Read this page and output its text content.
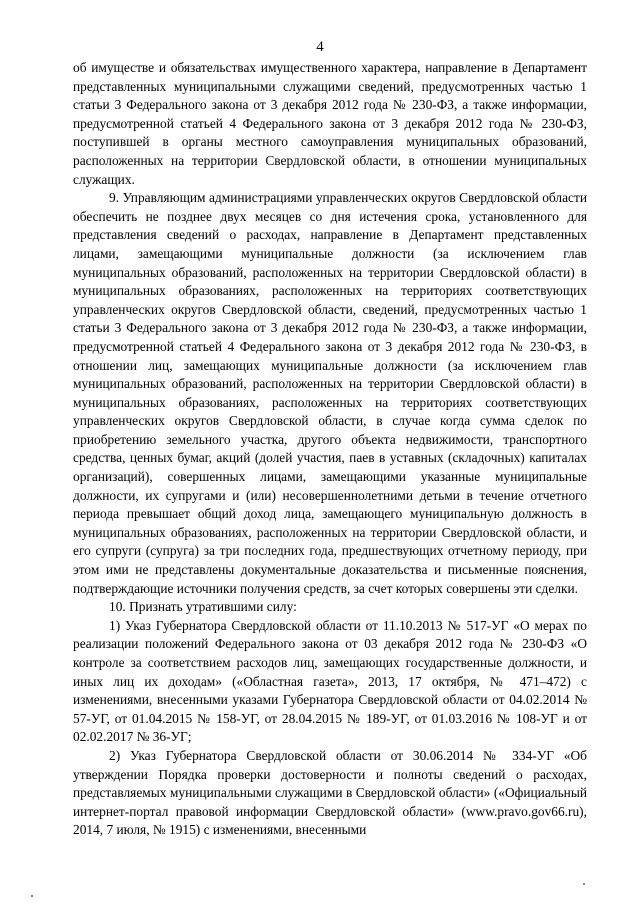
4

об имуществе и обязательствах имущественного характера, направление в Департамент представленных муниципальными служащими сведений, предусмотренных частью 1 статьи 3 Федерального закона от 3 декабря 2012 года № 230-ФЗ, а также информации, предусмотренной статьей 4 Федерального закона от 3 декабря 2012 года № 230-ФЗ, поступившей в органы местного самоуправления муниципальных образований, расположенных на территории Свердловской области, в отношении муниципальных служащих.

9. Управляющим администрациями управленческих округов Свердловской области обеспечить не позднее двух месяцев со дня истечения срока, установленного для представления сведений о расходах, направление в Департамент представленных лицами, замещающими муниципальные должности (за исключением глав муниципальных образований, расположенных на территории Свердловской области) в муниципальных образованиях, расположенных на территориях соответствующих управленческих округов Свердловской области, сведений, предусмотренных частью 1 статьи 3 Федерального закона от 3 декабря 2012 года № 230-ФЗ, а также информации, предусмотренной статьей 4 Федерального закона от 3 декабря 2012 года № 230-ФЗ, в отношении лиц, замещающих муниципальные должности (за исключением глав муниципальных образований, расположенных на территории Свердловской области) в муниципальных образованиях, расположенных на территориях соответствующих управленческих округов Свердловской области, в случае когда сумма сделок по приобретению земельного участка, другого объекта недвижимости, транспортного средства, ценных бумаг, акций (долей участия, паев в уставных (складочных) капиталах организаций), совершенных лицами, замещающими указанные муниципальные должности, их супругами и (или) несовершеннолетними детьми в течение отчетного периода превышает общий доход лица, замещающего муниципальную должность в муниципальных образованиях, расположенных на территории Свердловской области, и его супруги (супруга) за три последних года, предшествующих отчетному периоду, при этом ими не представлены документальные доказательства и письменные пояснения, подтверждающие источники получения средств, за счет которых совершены эти сделки.

10. Признать утратившими силу:

1) Указ Губернатора Свердловской области от 11.10.2013 № 517-УГ «О мерах по реализации положений Федерального закона от 03 декабря 2012 года № 230-ФЗ «О контроле за соответствием расходов лиц, замещающих государственные должности, и иных лиц их доходам» («Областная газета», 2013, 17 октября, № 471–472) с изменениями, внесенными указами Губернатора Свердловской области от 04.02.2014 № 57-УГ, от 01.04.2015 № 158-УГ, от 28.04.2015 № 189-УГ, от 01.03.2016 № 108-УГ и от 02.02.2017 № 36-УГ;

2) Указ Губернатора Свердловской области от 30.06.2014 № 334-УГ «Об утверждении Порядка проверки достоверности и полноты сведений о расходах, представляемых муниципальными служащими в Свердловской области» («Официальный интернет-портал правовой информации Свердловской области» (www.pravo.gov66.ru), 2014, 7 июля, № 1915) с изменениями, внесенными
